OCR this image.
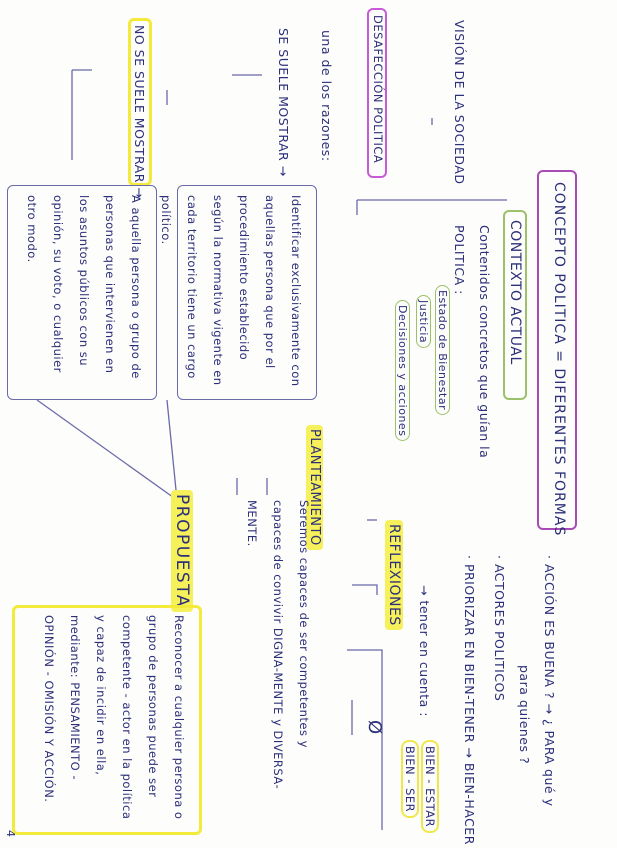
CONCEPTO POLITICA = DIFERENTES FORMAS
VISIÓN DE LA SOCIEDAD
DESAFECCIÓN POLITICA
una de los razones:
SE SUELE MOSTRAR →
NO SE SUELE MOSTRAR →
CONTEXTO ACTUAL
Contenidos concretos que guían la
POLITICA :
Estado de Bienestar
Justicia
Decisiones y acciones
Identificar exclusivamente con aquellas persona que por el procedimiento establecido según la normativa vigente en cada territorio tiene un cargo político.
A aquella persona o grupo de personas que intervienen en los asuntos públicos con su opinión, su voto, o cualquier otro modo.
REFLEXIONES	· ACCIÓN ES BUENA ? → ¿ PARA qué y
para quienes ?
· ACTORES POLITICOS
· PRIORIZAR EN BIEN-TENER → BIEN-HACER
→ tener en cuenta :
Ø
BIEN - ESTAR
BIEN - SER
PLANTEAMIENTO
Seremos capaces de ser competentes y capaces de convivir DIGNA-MENTE y DIVERSA-MENTE.
PROPUESTA
Reconocer a cualquier persona o grupo de personas puede ser competente - actor en la política y capaz de incidir en ella, mediante: PENSAMIENTO - OPINIÓN - OMISIÓN Y ACCIÓN.
4
